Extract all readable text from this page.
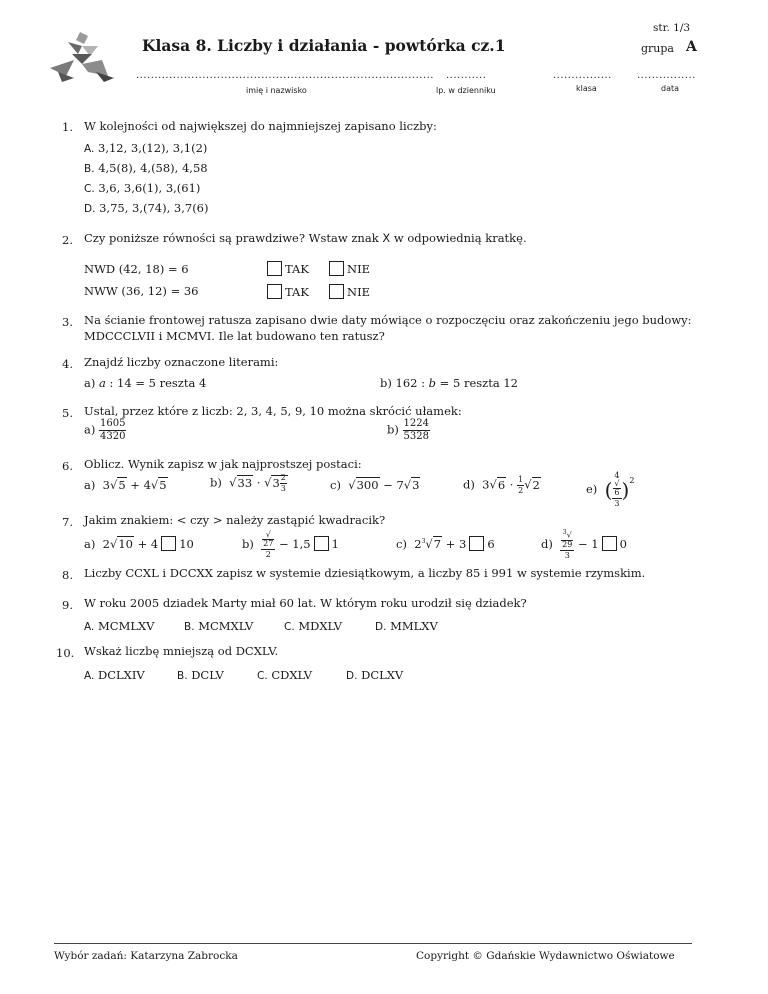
Klasa 8. Liczby i działania - powtórka cz.1
str. 1/3
grupa A
.................................................................................
imię i nazwisko
...........
lp. w dzienniku
................
klasa
................
data
1. W kolejności od największej do najmniejszej zapisano liczby:
A. 3,12, 3,(12), 3,1(2)
B. 4,5(8), 4,(58), 4,58
C. 3,6, 3,6(1), 3,(61)
D. 3,75, 3,(74), 3,7(6)
2. Czy poniższe równości są prawdziwe? Wstaw znak X w odpowiednią kratkę.
NWD (42, 18) = 6	TAK	NIE
NWW (36, 12) = 36	TAK	NIE
3. Na ścianie frontowej ratusza zapisano dwie daty mówiące o rozpoczęciu oraz zakończeniu jego budowy:
MDCCCLVII i MCMVI. Ile lat budowano ten ratusz?
4. Znajdź liczby oznaczone literami:
a) a : 14 = 5 reszta 4	b) 162 : b = 5 reszta 12
5. Ustal, przez które z liczb: 2, 3, 4, 5, 9, 10 można skrócić ułamek:
$a) \frac{1605}{4320}$	$b) \frac{1224}{5328}$
6. Oblicz. Wynik zapisz w jak najprostszej postaci:
a) 3√5 + 4√5	b)  $√33 \cdot √3 \frac{2}{3}$	c)  √300 − 7√3	d) $3√6 \cdot \frac{1}{2} √2$	e) ( 4
√
6
3 )$^2$
7. Jakim znakiem: < czy > należy zastąpić kwadracik?
a) 2√10 + 4 10	b) √
27
2 − 1,5 1	c) $2^3√7 + 3$ 6	d) $^3$√
29
3 − 1 0
8. Liczby CCXL i DCCXX zapisz w systemie dziesiątkowym, a liczby 85 i 991 w systemie rzymskim.
9. W roku 2005 dziadek Marty miał 60 lat. W którym roku urodził się dziadek?
A. MCMLXV	B. MCMXLV	C. MDXLV	D. MMLXV
10. Wskaż liczbę mniejszą od DCXLV.
A. DCLXIV	B. DCLV	C. CDXLV	D. DCLXV
Wybór zadań: Katarzyna Zabrocka	Copyright © Gdańskie Wydawnictwo Oświatowe
